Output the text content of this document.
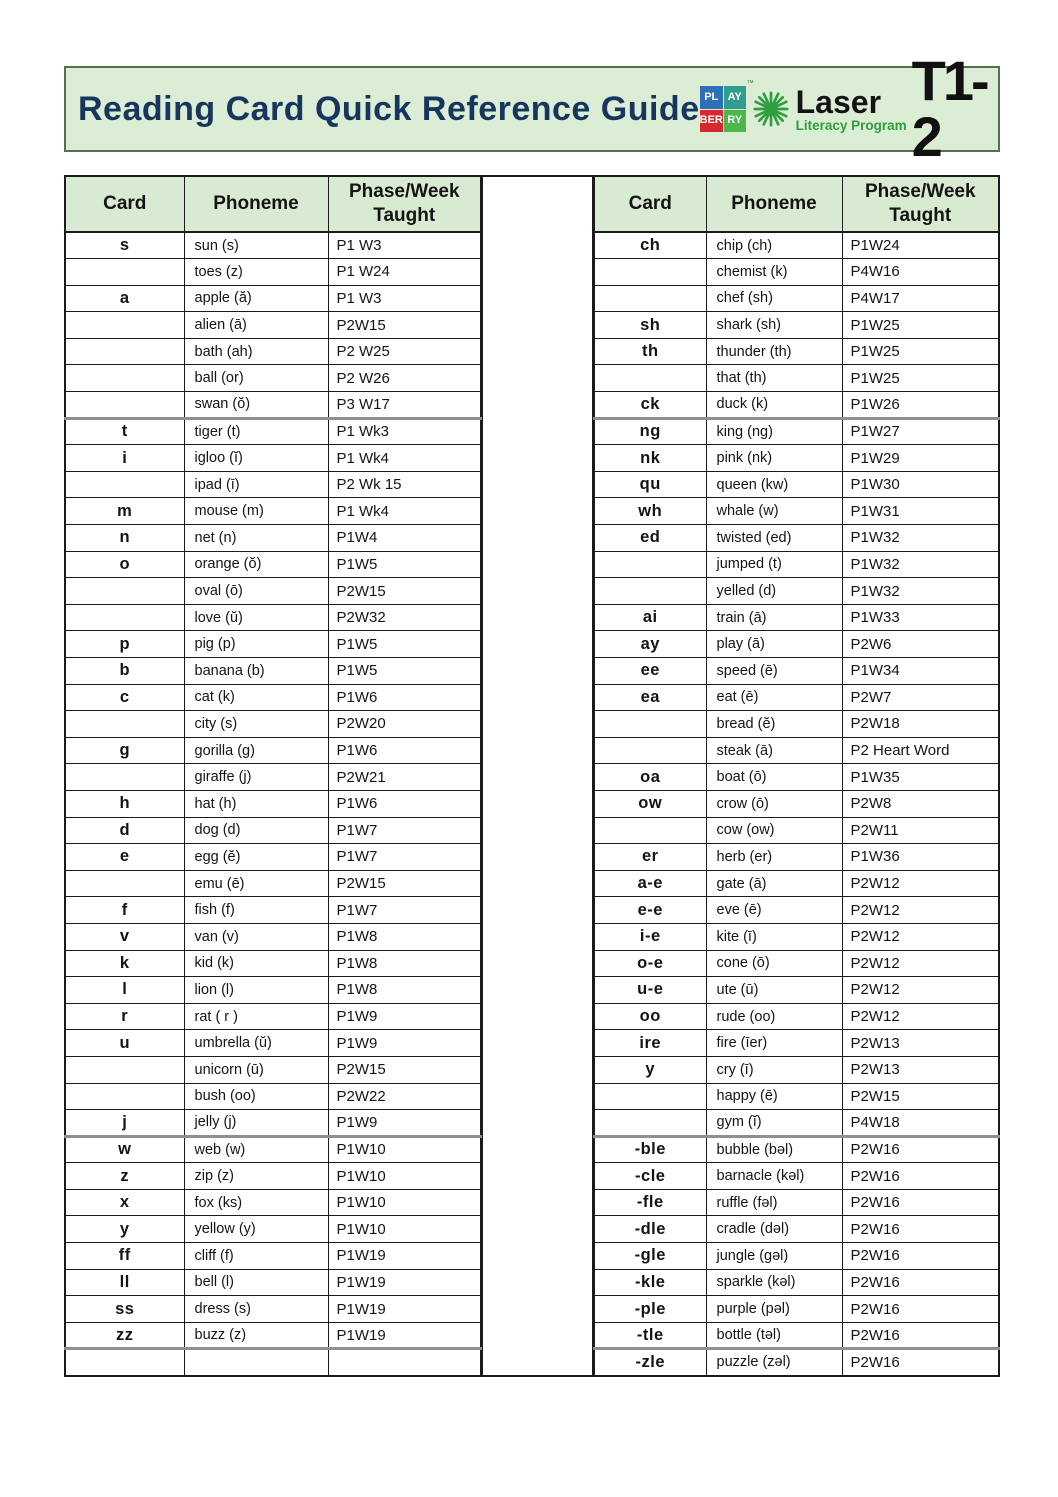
Reading Card Quick Reference Guide
™
PL AY
BER RY
Laser
Literacy Program
T1-2
Card	Phoneme	Phase/Week Taught
s	sun (s)	P1 W3
	toes (z)	P1 W24
a	apple (ă)	P1 W3
	alien (ā)	P2W15
	bath (ah)	P2 W25
	ball (or)	P2 W26
	swan (ŏ)	P3 W17
t	tiger (t)	P1 Wk3
i	igloo (ĭ)	P1 Wk4
	ipad (ī)	P2 Wk 15
m	mouse (m)	P1 Wk4
n	net (n)	P1W4
o	orange (ŏ)	P1W5
	oval (ō)	P2W15
	love (ŭ)	P2W32
p	pig (p)	P1W5
b	banana (b)	P1W5
c	cat (k)	P1W6
	city (s)	P2W20
g	gorilla (g)	P1W6
	giraffe (j)	P2W21
h	hat (h)	P1W6
d	dog (d)	P1W7
e	egg (ĕ)	P1W7
	emu (ē)	P2W15
f	fish (f)	P1W7
v	van (v)	P1W8
k	kid (k)	P1W8
l	lion (l)	P1W8
r	rat ( r )	P1W9
u	umbrella (ŭ)	P1W9
	unicorn (ū)	P2W15
	bush (oo)	P2W22
j	jelly (j)	P1W9
w	web (w)	P1W10
z	zip (z)	P1W10
x	fox (ks)	P1W10
y	yellow (y)	P1W10
ff	cliff (f)	P1W19
ll	bell (l)	P1W19
ss	dress (s)	P1W19
zz	buzz (z)	P1W19

Card	Phoneme	Phase/Week Taught
ch	chip (ch)	P1W24
	chemist (k)	P4W16
	chef (sh)	P4W17
sh	shark (sh)	P1W25
th	thunder (th)	P1W25
	that (th)	P1W25
ck	duck (k)	P1W26
ng	king (ng)	P1W27
nk	pink (nk)	P1W29
qu	queen (kw)	P1W30
wh	whale (w)	P1W31
ed	twisted (ed)	P1W32
	jumped (t)	P1W32
	yelled (d)	P1W32
ai	train (ā)	P1W33
ay	play (ā)	P2W6
ee	speed (ē)	P1W34
ea	eat (ē)	P2W7
	bread (ĕ)	P2W18
	steak (ā)	P2 Heart Word
oa	boat (ō)	P1W35
ow	crow (ō)	P2W8
	cow (ow)	P2W11
er	herb (er)	P1W36
a-e	gate (ā)	P2W12
e-e	eve (ē)	P2W12
i-e	kite (ī)	P2W12
o-e	cone (ō)	P2W12
u-e	ute (ū)	P2W12
oo	rude (oo)	P2W12
ire	fire (īer)	P2W13
y	cry (ī)	P2W13
	happy (ē)	P2W15
	gym (ĭ)	P4W18
-ble	bubble (bəl)	P2W16
-cle	barnacle (kəl)	P2W16
-fle	ruffle (fəl)	P2W16
-dle	cradle (dəl)	P2W16
-gle	jungle (gəl)	P2W16
-kle	sparkle (kəl)	P2W16
-ple	purple (pəl)	P2W16
-tle	bottle (təl)	P2W16
-zle	puzzle (zəl)	P2W16
